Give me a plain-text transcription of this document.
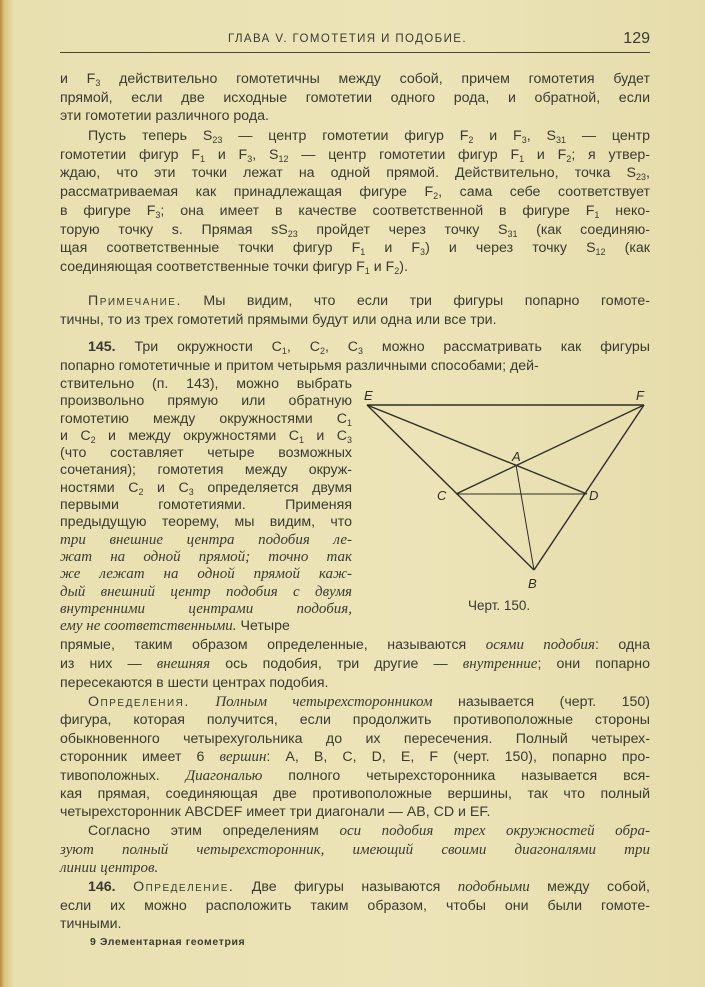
ГЛАВА V. ГОМОТЕТИЯ И ПОДОБИЕ.	129
и $F_3$ действительно гомотетичны между собой, причем гомотетия будет
прямой, если две исходные гомотетии одного рода, и обратной, если
эти гомотетии различного рода.
Пусть теперь $S_{23}$ — центр гомотетии фигур $F_2$ и $F_3$, $S_{31}$ — центр
гомотетии фигур $F_1$ и $F_3$, $S_{12}$ — центр гомотетии фигур $F_1$ и $F_2$; я утвер-
ждаю, что эти точки лежат на одной прямой. Действительно, точка $S_{23}$,
рассматриваемая как принадлежащая фигуре $F_2$, сама себе соответствует
в фигуре $F_3$; она имеет в качестве соответственной в фигуре $F_1$ неко-
торую точку s. Прямая $sS_{23}$ пройдет через точку $S_{31}$ (как соединяю-
щая соответственные точки фигур $F_1$ и $F_3$) и через точку $S_{12}$ (как
соединяющая соответственные точки фигур $F_1$ и $F_2$).
Примечание. Мы видим, что если три фигуры попарно гомоте-
тичны, то из трех гомотетий прямыми будут или одна или все три.
145. Три окружности $C_1$, $C_2$, $C_3$ можно рассматривать как фигуры
попарно гомотетичные и притом четырьмя различными способами; дей-
ствительно (п. 143), можно выбрать
произвольно прямую или обратную
гомотетию между окружностями $C_1$
и $C_2$ и между окружностями $C_1$ и $C_3$
(что составляет четыре возможных
сочетания); гомотетия между окруж-
ностями $C_2$ и $C_3$ определяется двумя
первыми гомотетиями. Применяя
предыдущую теорему, мы видим, что
три внешние центра подобия ле-
жат на одной прямой; точно так
же лежат на одной прямой каж-
дый внешний центр подобия с двумя
внутренними центрами подобия,
ему не соответственными. Четыре
прямые, таким образом определенные, называются осями подобия: одна
из них — внешняя ось подобия, три другие — внутренние; они попарно
пересекаются в шести центрах подобия.
Определения. Полным четырехсторонником называется (черт. 150)
фигура, которая получится, если продолжить противоположные стороны
обыкновенного четырехугольника до их пересечения. Полный четырех-
сторонник имеет 6 вершин: A, B, C, D, E, F (черт. 150), попарно про-
тивоположных. Диагональю полного четырехсторонника называется вся-
кая прямая, соединяющая две противоположные вершины, так что полный
четырехсторонник ABCDEF имеет три диагонали — AB, CD и EF.
Согласно этим определениям оси подобия трех окружностей обра-
зуют полный четырехсторонник, имеющий своими диагоналями три
линии центров.
146. Определение. Две фигуры называются подобными между собой,
если их можно расположить таким образом, чтобы они были гомоте-
тичными.
E	F
A
C	D
B
Черт. 150.
9 Элементарная геометрия
